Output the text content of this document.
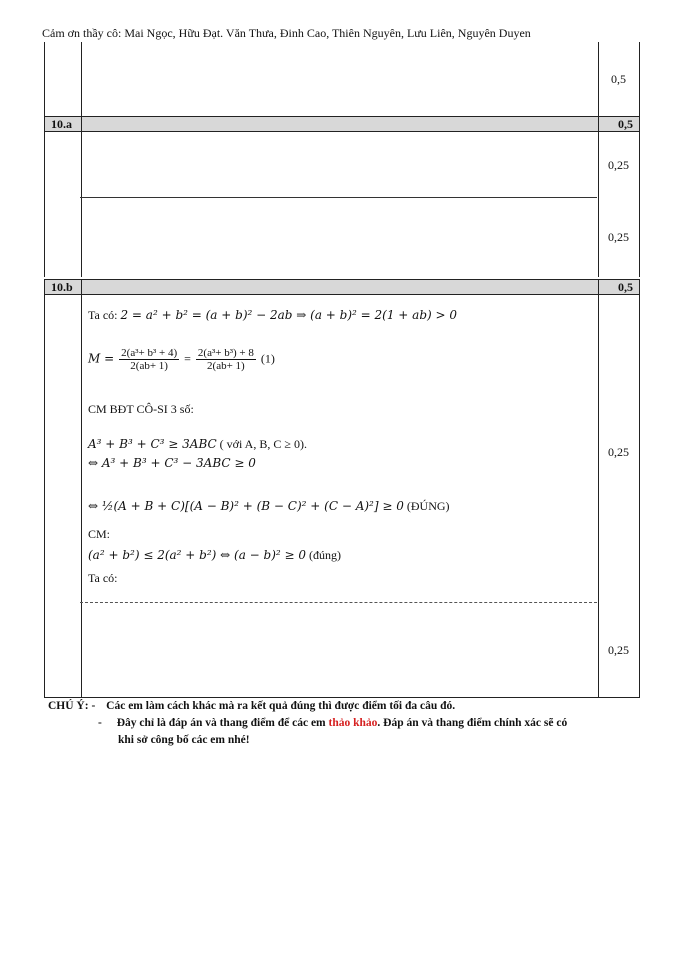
Cảm ơn thầy cô: Mai Ngọc, Hữu Đạt. Văn Thưa, Đinh Cao, Thiên Nguyên, Lưu Liên, Nguyên Duyen
0,5
10.a	0,5
0,25
0,25
10.b	0,5
0,25
0,25
Ta có: 2 = a² + b² = (a + b)² − 2ab ⇒ (a + b)² = 2(1 + ab) > 0
$M = \frac{\text{2(a³+ b³ + 4)}}{2(ab+ 1)} = \frac{\text{2(a³+ b³) + 8}}{2(ab+ 1)} (1)$
CM BĐT CÔ-SI 3 số:
A³ + B³ + C³ ≥ 3ABC ( với A, B, C ≥ 0).
⇔ A³ + B³ + C³ − 3ABC ≥ 0
⇔ ½(A + B + C)[(A − B)² + (B − C)² + (C − A)²] ≥ 0 (ĐÚNG)
CM:
(a² + b²) ≤ 2(a² + b²) ⇔ (a − b)² ≥ 0 (đúng)
Ta có:
CHÚ Ý: - Các em làm cách khác mà ra kết quả đúng thì được điểm tối đa câu đó.
- Đây chỉ là đáp án và thang điểm để các em thảo khảo. Đáp án và thang điểm chính xác sẽ có
khi sở công bố các em nhé!
